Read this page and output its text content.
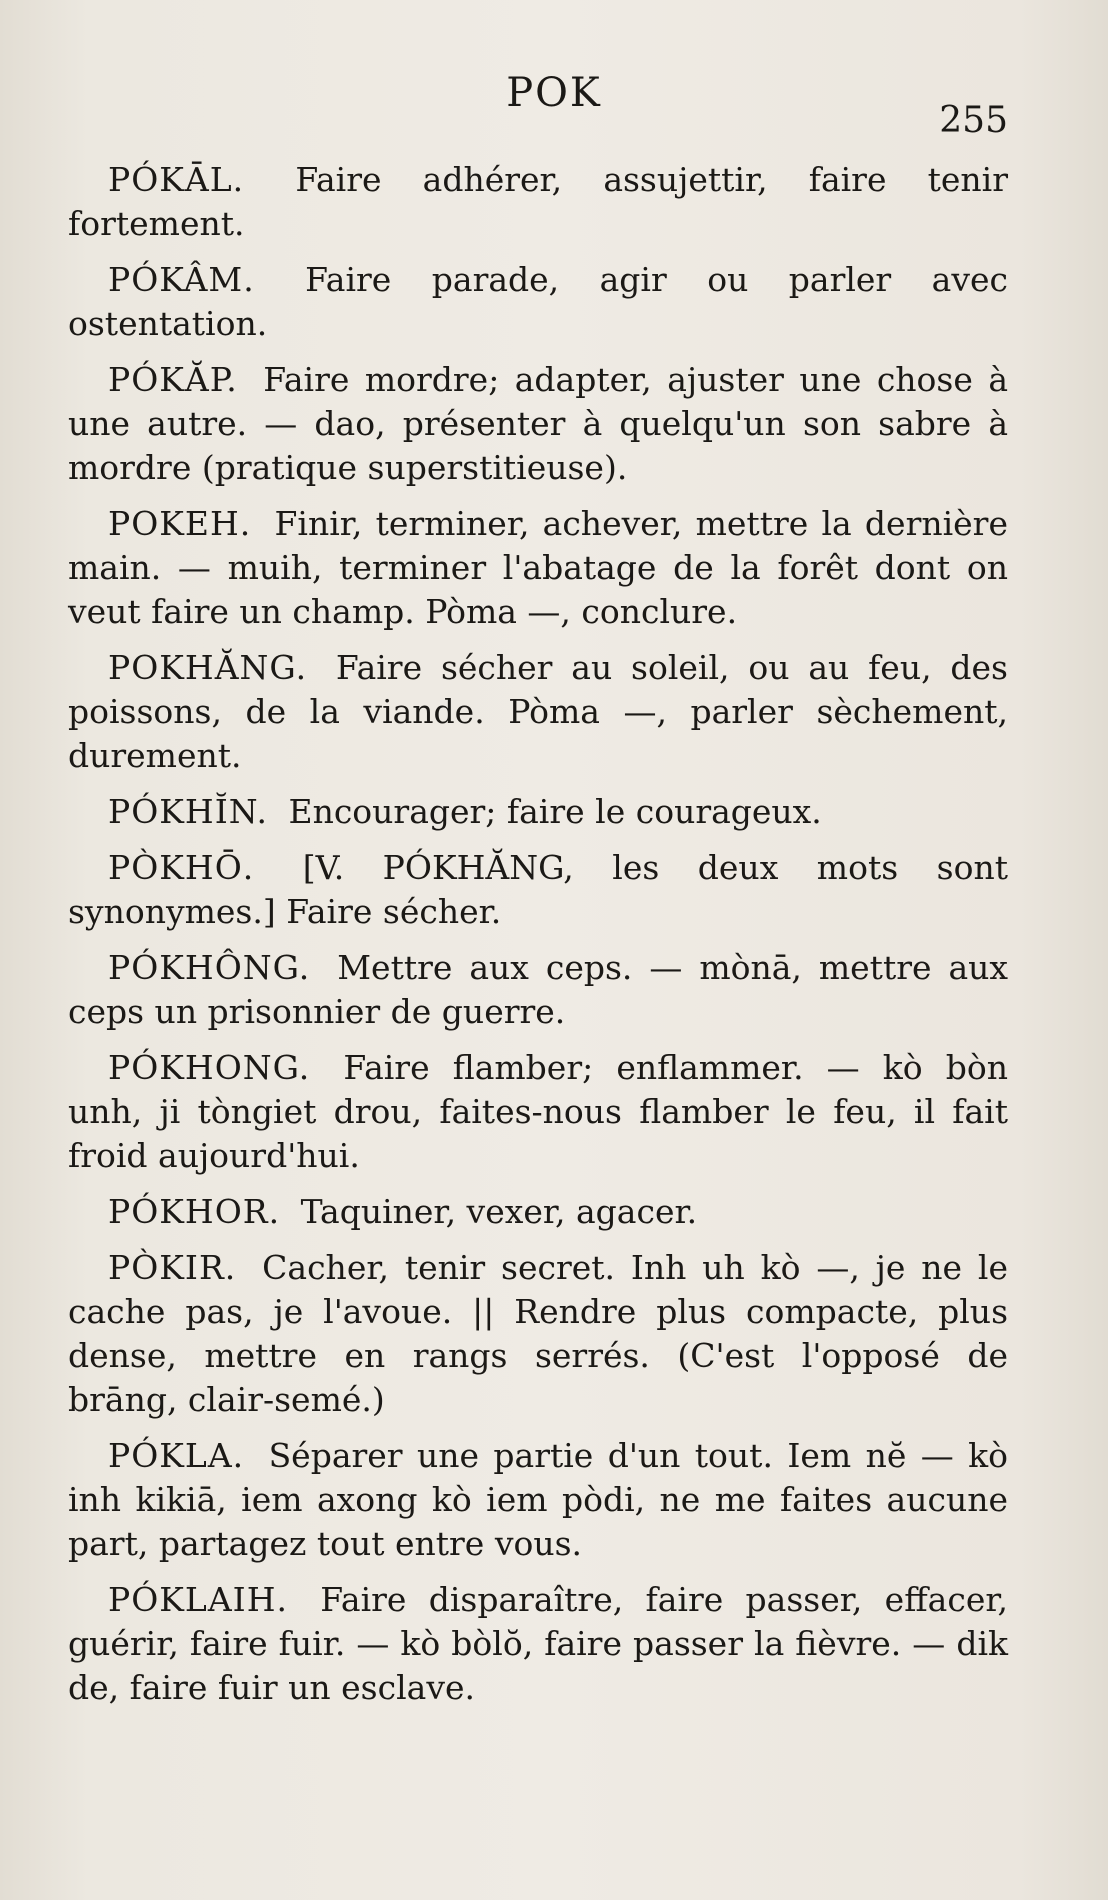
POK
255

PÓKĀL. Faire adhérer, assujettir, faire tenir fortement.

PÓKÂM. Faire parade, agir ou parler avec ostentation.

PÓKĂP. Faire mordre; adapter, ajuster une chose à une autre. — dao, présenter à quelqu'un son sabre à mordre (pratique superstitieuse).

POKEH. Finir, terminer, achever, mettre la dernière main. — muih, terminer l'abatage de la forêt dont on veut faire un champ. Pòma —, conclure.

POKHĂNG. Faire sécher au soleil, ou au feu, des poissons, de la viande. Pòma —, parler sèchement, durement.

PÓKHĬN. Encourager; faire le courageux.

PÒKHŌ. [V. PÓKHĂNG, les deux mots sont synonymes.] Faire sécher.

PÓKHÔNG. Mettre aux ceps. — mònā, mettre aux ceps un prisonnier de guerre.

PÓKHONG. Faire flamber; enflammer. — kò bòn unh, ji tòngiet drou, faites-nous flamber le feu, il fait froid aujourd'hui.

PÓKHOR. Taquiner, vexer, agacer.

PÒKIR. Cacher, tenir secret. Inh uh kò —, je ne le cache pas, je l'avoue. || Rendre plus compacte, plus dense, mettre en rangs serrés. (C'est l'opposé de brāng, clair-semé.)

PÓKLA. Séparer une partie d'un tout. Iem nĕ — kò inh kikiā, iem axong kò iem pòdi, ne me faites aucune part, partagez tout entre vous.

PÓKLAIH. Faire disparaître, faire passer, effacer, guérir, faire fuir. — kò bòlŏ, faire passer la fièvre. — dik de, faire fuir un esclave.
